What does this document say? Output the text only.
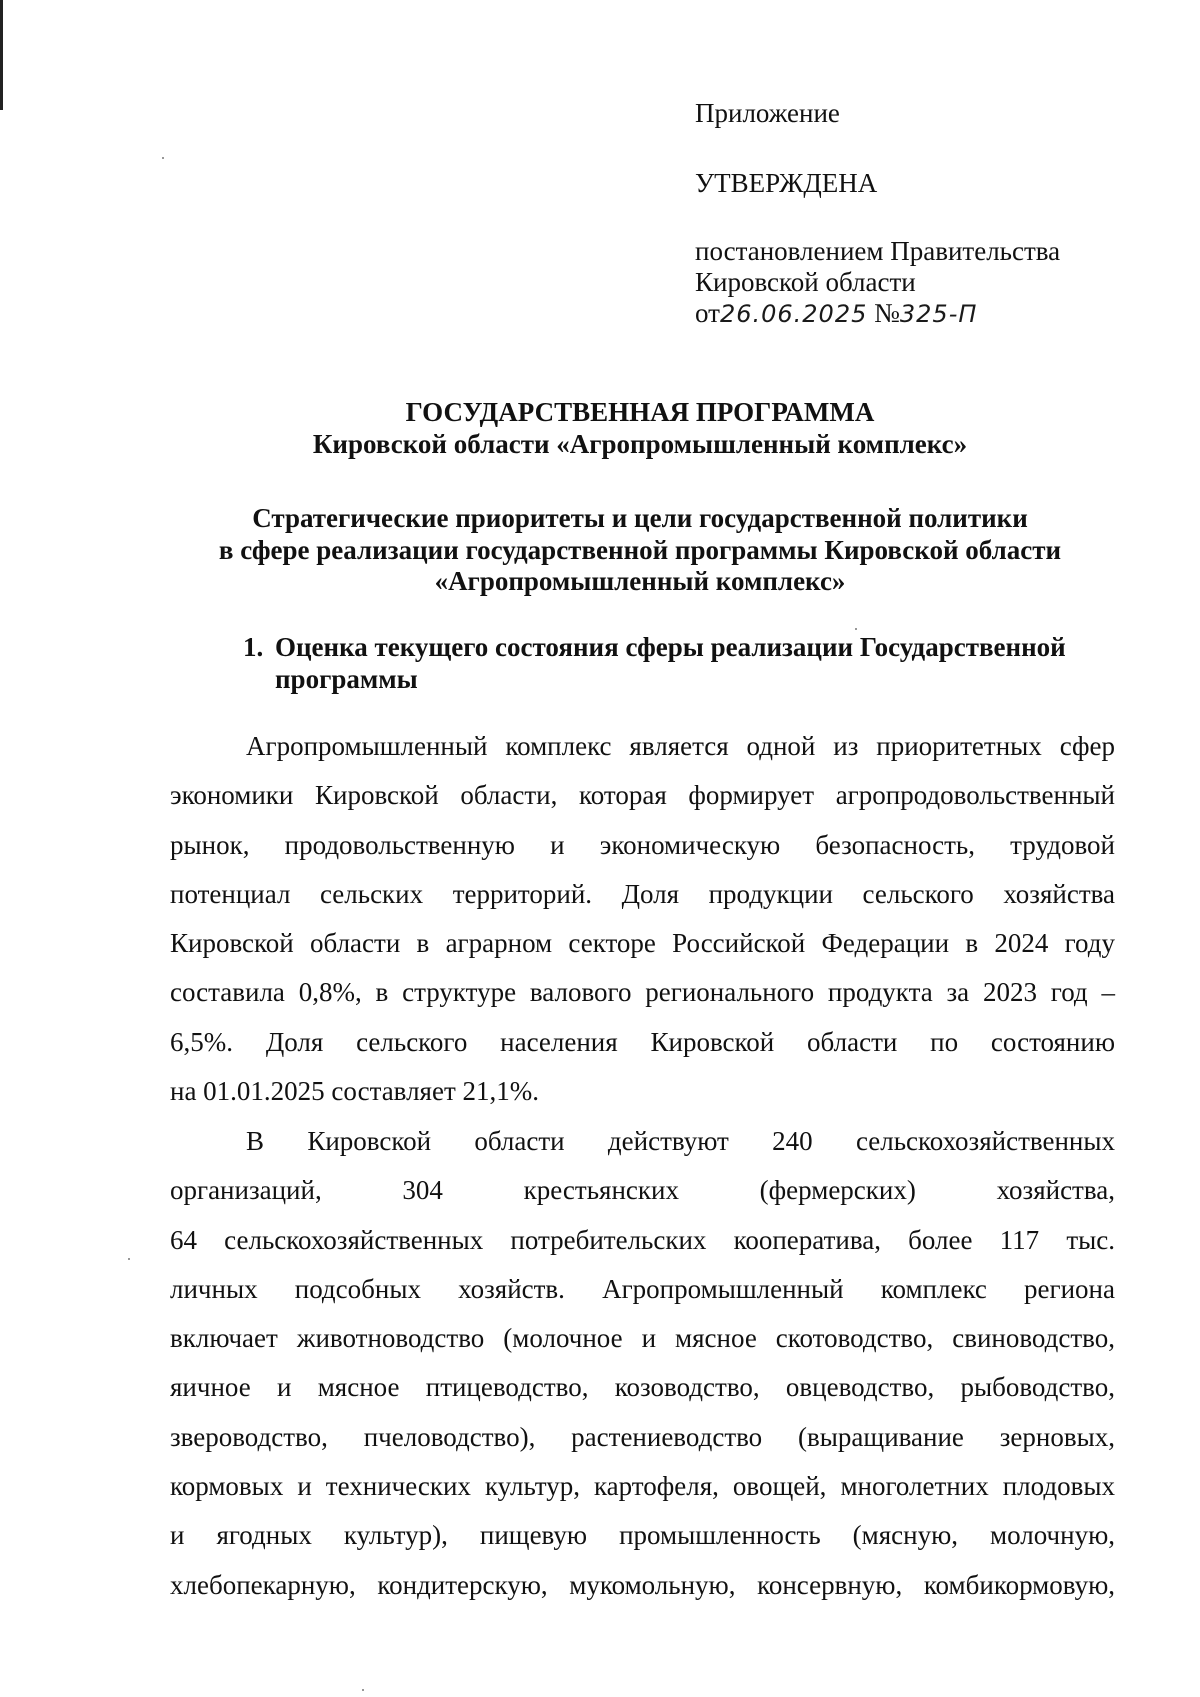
Приложение
УТВЕРЖДЕНА
постановлением Правительства
Кировской области
от26.06.2025 №325-П
ГОСУДАРСТВЕННАЯ ПРОГРАММА
Кировской области «Агропромышленный комплекс»
Стратегические приоритеты и цели государственной политики
в сфере реализации государственной программы Кировской области
«Агропромышленный комплекс»
1. Оценка текущего состояния сферы реализации Государственной
программы
Агропромышленный комплекс является одной из приоритетных сфер
экономики Кировской области, которая формирует агропродовольственный
рынок, продовольственную и экономическую безопасность, трудовой
потенциал сельских территорий. Доля продукции сельского хозяйства
Кировской области в аграрном секторе Российской Федерации в 2024 году
составила 0,8%, в структуре валового регионального продукта за 2023 год –
6,5%. Доля сельского населения Кировской области по состоянию
на 01.01.2025 составляет 21,1%.
В Кировской области действуют 240 сельскохозяйственных
организаций, 304 крестьянских (фермерских) хозяйства,
64 сельскохозяйственных потребительских кооператива, более 117 тыс.
личных подсобных хозяйств. Агропромышленный комплекс региона
включает животноводство (молочное и мясное скотоводство, свиноводство,
яичное и мясное птицеводство, козоводство, овцеводство, рыбоводство,
звероводство, пчеловодство), растениеводство (выращивание зерновых,
кормовых и технических культур, картофеля, овощей, многолетних плодовых
и ягодных культур), пищевую промышленность (мясную, молочную,
хлебопекарную, кондитерскую, мукомольную, консервную, комбикормовую,
